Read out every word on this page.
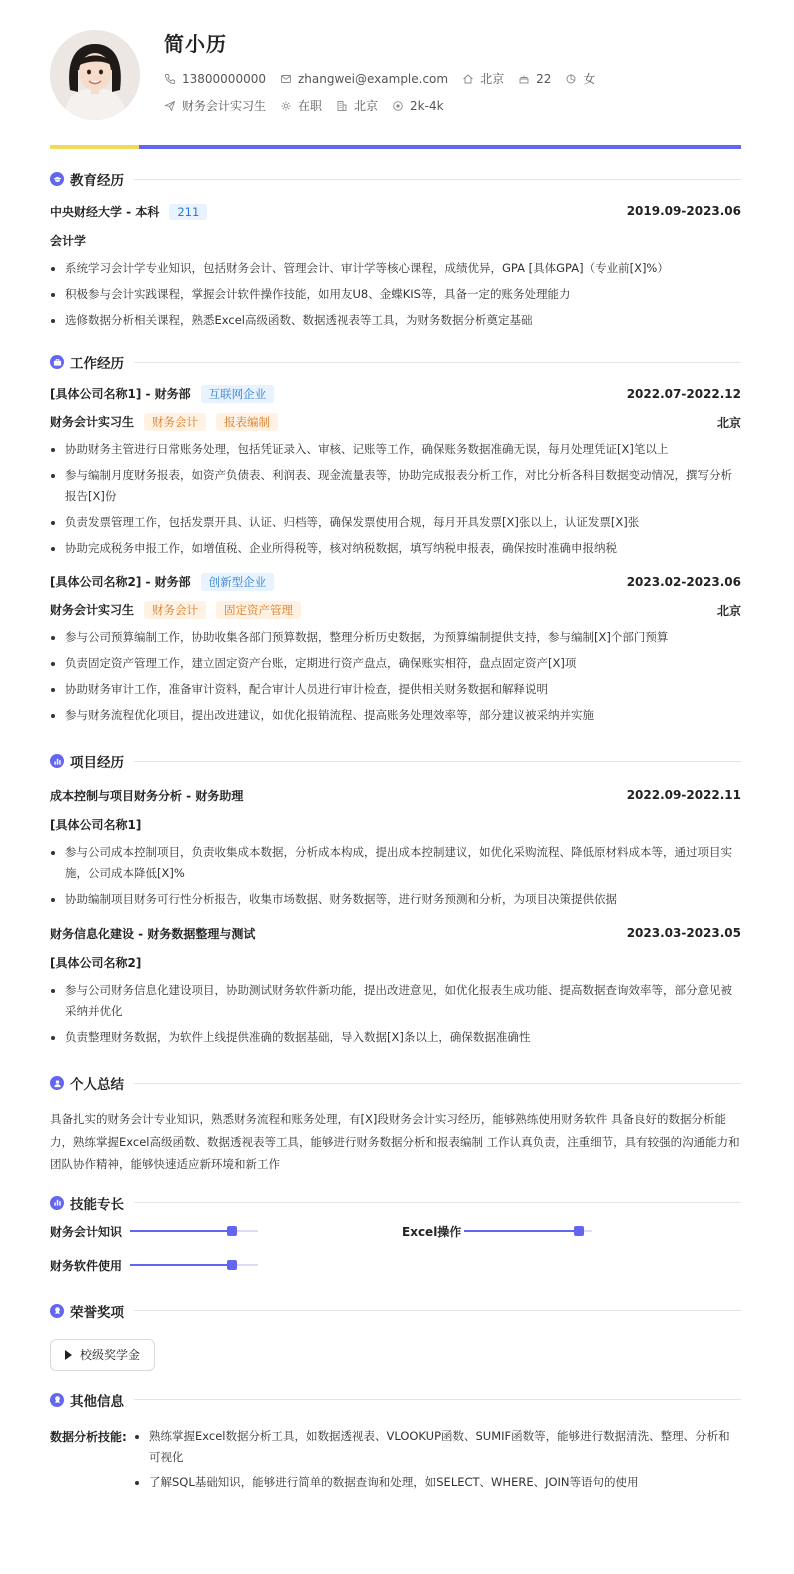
简小历
13800000000	zhangwei@example.com	北京	22	女
财务会计实习生	在职	北京	2k-4k
教育经历
中央财经大学 - 本科 211	2019.09-2023.06
会计学
系统学习会计学专业知识，包括财务会计、管理会计、审计学等核心课程，成绩优异，GPA [具体GPA]（专业前[X]%）
积极参与会计实践课程，掌握会计软件操作技能，如用友U8、金蝶KIS等，具备一定的账务处理能力
选修数据分析相关课程，熟悉Excel高级函数、数据透视表等工具，为财务数据分析奠定基础
工作经历
[具体公司名称1] - 财务部 互联网企业	2022.07-2022.12
财务会计实习生 财务会计 报表编制	北京
协助财务主管进行日常账务处理，包括凭证录入、审核、记账等工作，确保账务数据准确无误，每月处理凭证[X]笔以上
参与编制月度财务报表，如资产负债表、利润表、现金流量表等，协助完成报表分析工作，对比分析各科目数据变动情况，撰写分析报告[X]份
负责发票管理工作，包括发票开具、认证、归档等，确保发票使用合规，每月开具发票[X]张以上，认证发票[X]张
协助完成税务申报工作，如增值税、企业所得税等，核对纳税数据，填写纳税申报表，确保按时准确申报纳税
[具体公司名称2] - 财务部 创新型企业	2023.02-2023.06
财务会计实习生 财务会计 固定资产管理	北京
参与公司预算编制工作，协助收集各部门预算数据，整理分析历史数据，为预算编制提供支持，参与编制[X]个部门预算
负责固定资产管理工作，建立固定资产台账，定期进行资产盘点，确保账实相符，盘点固定资产[X]项
协助财务审计工作，准备审计资料，配合审计人员进行审计检查，提供相关财务数据和解释说明
参与财务流程优化项目，提出改进建议，如优化报销流程、提高账务处理效率等，部分建议被采纳并实施
项目经历
成本控制与项目财务分析 - 财务助理	2022.09-2022.11
[具体公司名称1]
参与公司成本控制项目，负责收集成本数据，分析成本构成，提出成本控制建议，如优化采购流程、降低原材料成本等，通过项目实施，公司成本降低[X]%
协助编制项目财务可行性分析报告，收集市场数据、财务数据等，进行财务预测和分析，为项目决策提供依据
财务信息化建设 - 财务数据整理与测试	2023.03-2023.05
[具体公司名称2]
参与公司财务信息化建设项目，协助测试财务软件新功能，提出改进意见，如优化报表生成功能、提高数据查询效率等，部分意见被采纳并优化
负责整理财务数据，为软件上线提供准确的数据基础，导入数据[X]条以上，确保数据准确性
个人总结
具备扎实的财务会计专业知识，熟悉财务流程和账务处理，有[X]段财务会计实习经历，能够熟练使用财务软件 具备良好的数据分析能力，熟练掌握Excel高级函数、数据透视表等工具，能够进行财务数据分析和报表编制 工作认真负责，注重细节，具有较强的沟通能力和团队协作精神，能够快速适应新环境和新工作
技能专长
财务会计知识	Excel操作
财务软件使用
荣誉奖项
校级奖学金
其他信息
数据分析技能:	熟练掌握Excel数据分析工具，如数据透视表、VLOOKUP函数、SUMIF函数等，能够进行数据清洗、整理、分析和可视化
了解SQL基础知识，能够进行简单的数据查询和处理，如SELECT、WHERE、JOIN等语句的使用
